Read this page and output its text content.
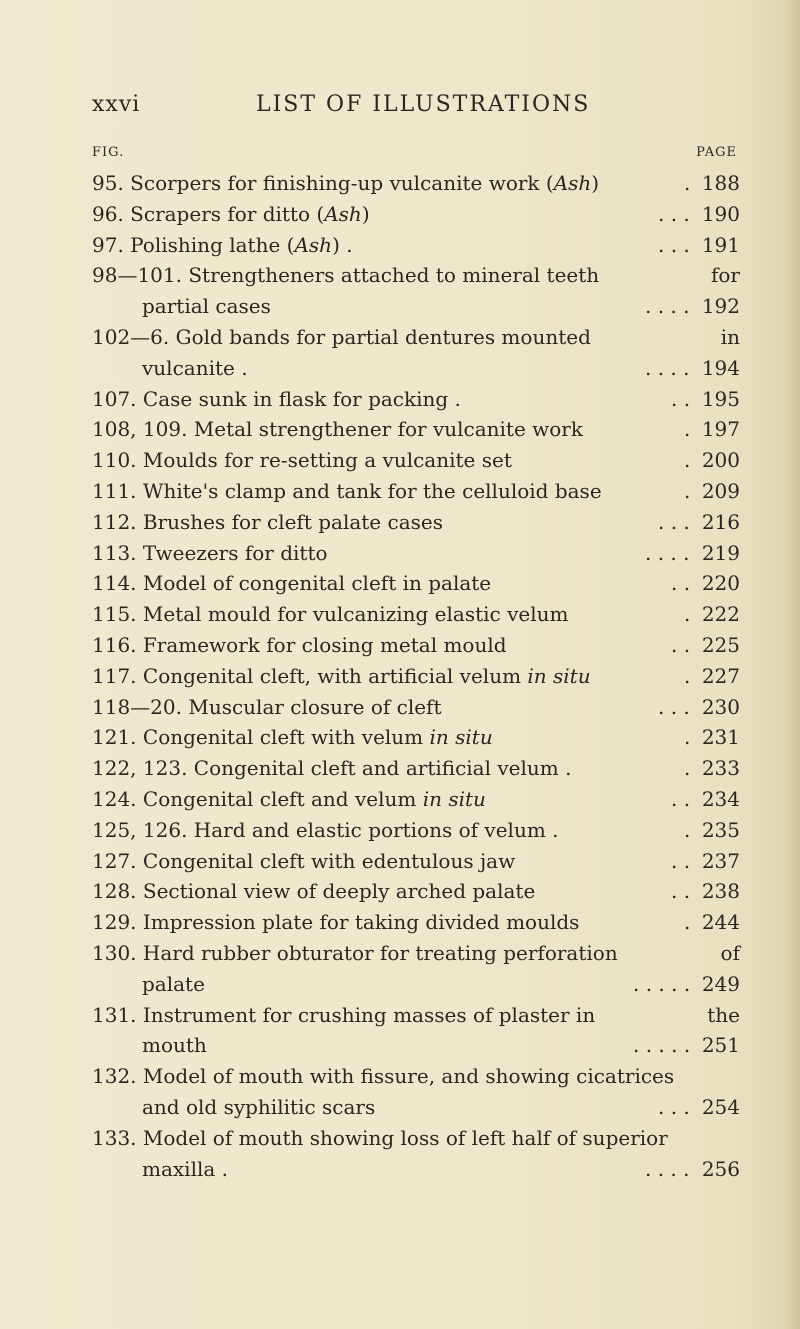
xxvi	LIST OF ILLUSTRATIONS
FIG.	PAGE
95. Scorpers for finishing-up vulcanite work (Ash)	. 188
96. Scrapers for ditto (Ash)	. . . 190
97. Polishing lathe (Ash) .	. . . 191
98—101. Strengtheners attached to mineral teeth	for
partial cases	. . . . 192
102—6. Gold bands for partial dentures mounted	in
vulcanite .	. . . . 194
107. Case sunk in flask for packing .	. . 195
108, 109. Metal strengthener for vulcanite work	. 197
110. Moulds for re-setting a vulcanite set	. 200
111. White's clamp and tank for the celluloid base	. 209
112. Brushes for cleft palate cases	. . . 216
113. Tweezers for ditto	. . . . 219
114. Model of congenital cleft in palate	. . 220
115. Metal mould for vulcanizing elastic velum	. 222
116. Framework for closing metal mould	. . 225
117. Congenital cleft, with artificial velum in situ	. 227
118—20. Muscular closure of cleft	. . . 230
121. Congenital cleft with velum in situ	. 231
122, 123. Congenital cleft and artificial velum .	. 233
124. Congenital cleft and velum in situ	. . 234
125, 126. Hard and elastic portions of velum .	. 235
127. Congenital cleft with edentulous jaw	. . 237
128. Sectional view of deeply arched palate	. . 238
129. Impression plate for taking divided moulds	. 244
130. Hard rubber obturator for treating perforation	of
palate	. . . . . 249
131. Instrument for crushing masses of plaster in	the
mouth	. . . . . 251
132. Model of mouth with fissure, and showing cicatrices
and old syphilitic scars	. . . 254
133. Model of mouth showing loss of left half of superior
maxilla .	. . . . 256
